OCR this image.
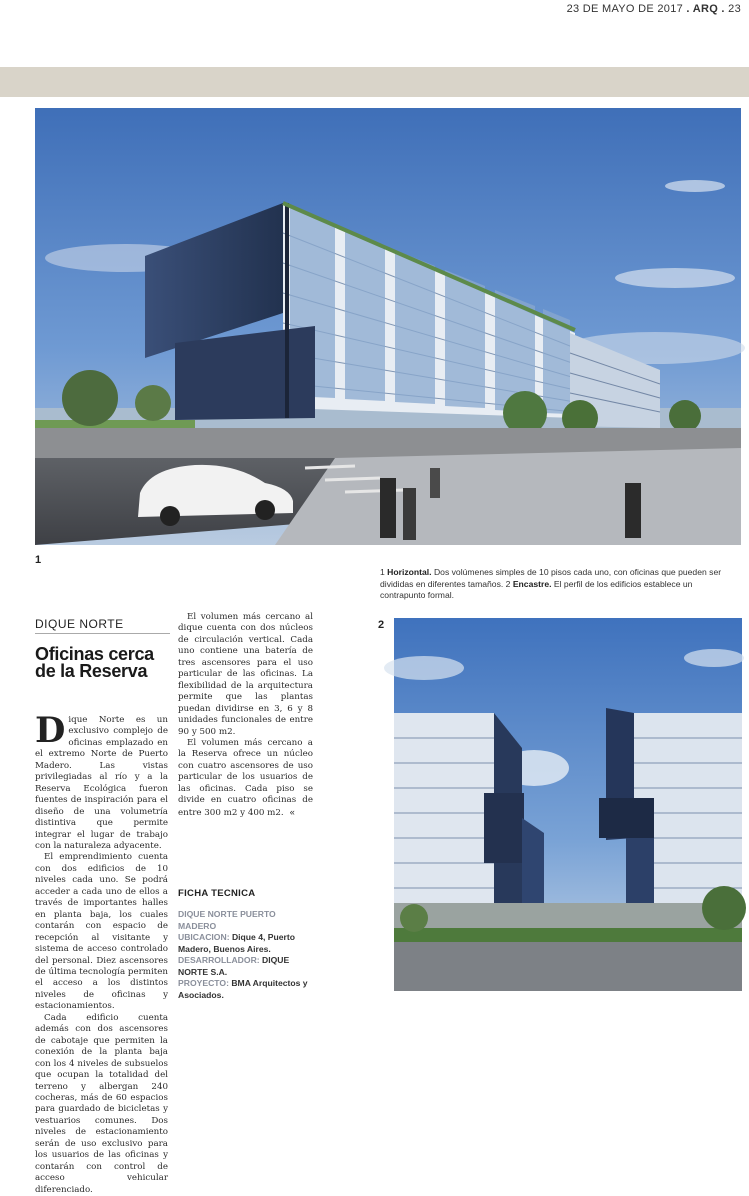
23 DE MAYO DE 2017 . ARQ . 23
1
1 Horizontal. Dos volúmenes simples de 10 pisos cada uno, con oficinas que pueden ser divididas en diferentes tamaños. 2 Encastre. El perfil de los edificios establece un contrapunto formal.
DIQUE NORTE
Oficinas cerca de la Reserva

Dique Norte es un exclusivo complejo de oficinas emplazado en el extremo Norte de Puerto Madero. Las vistas privilegiadas al río y a la Reserva Ecológica fueron fuentes de inspiración para el diseño de una volumetría distintiva que permite integrar el lugar de trabajo con la naturaleza adyacente.

El emprendimiento cuenta con dos edificios de 10 niveles cada uno. Se podrá acceder a cada uno de ellos a través de importantes halles en planta baja, los cuales contarán con espacio de recepción al visitante y sistema de acceso controlado del personal. Diez ascensores de última tecnología permiten el acceso a los distintos niveles de oficinas y estacionamientos.

Cada edificio cuenta además con dos ascensores de cabotaje que permiten la conexión de la planta baja con los 4 niveles de subsuelos que ocupan la totalidad del terreno y albergan 240 cocheras, más de 60 espacios para guardado de bicicletas y vestuarios comunes. Dos niveles de estacionamiento serán de uso exclusivo para los usuarios de las oficinas y contarán con control de acceso vehicular diferenciado.

El volumen más cercano al dique cuenta con dos núcleos de circulación vertical. Cada uno contiene una batería de tres ascensores para el uso particular de las oficinas. La flexibilidad de la arquitectura permite que las plantas puedan dividirse en 3, 6 y 8 unidades funcionales de entre 90 y 500 m2.

El volumen más cercano a la Reserva ofrece un núcleo con cuatro ascensores de uso particular de los usuarios de las oficinas. Cada piso se divide en cuatro oficinas de entre 300 m2 y 400 m2. «

FICHA TECNICA
DIQUE NORTE PUERTO MADERO
UBICACION: Dique 4, Puerto Madero, Buenos Aires.
DESARROLLADOR: DIQUE NORTE S.A.
PROYECTO: BMA Arquitectos y Asociados.
2
